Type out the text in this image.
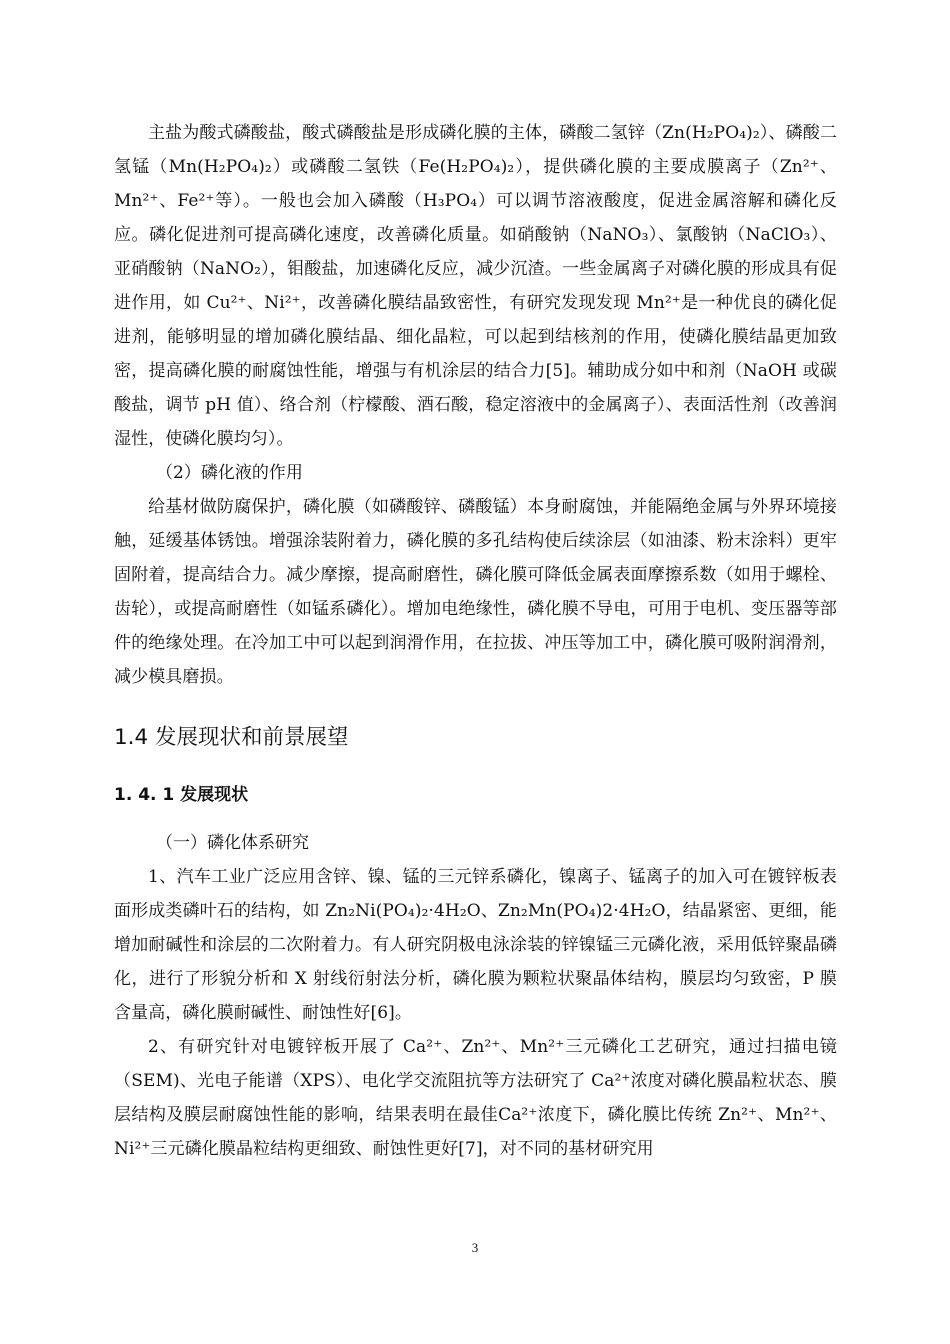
主盐为酸式磷酸盐，酸式磷酸盐是形成磷化膜的主体，磷酸二氢锌（Zn(H₂PO₄)₂）、磷酸二氢锰（Mn(H₂PO₄)₂）或磷酸二氢铁（Fe(H₂PO₄)₂），提供磷化膜的主要成膜离子（Zn²⁺、Mn²⁺、Fe²⁺等）。一般也会加入磷酸（H₃PO₄）可以调节溶液酸度，促进金属溶解和磷化反应。磷化促进剂可提高磷化速度，改善磷化质量。如硝酸钠（NaNO₃）、氯酸钠（NaClO₃）、亚硝酸钠（NaNO₂），钼酸盐，加速磷化反应，减少沉渣。一些金属离子对磷化膜的形成具有促进作用，如 Cu²⁺、Ni²⁺，改善磷化膜结晶致密性，有研究发现发现 Mn²⁺是一种优良的磷化促进剂，能够明显的增加磷化膜结晶、细化晶粒，可以起到结核剂的作用，使磷化膜结晶更加致密，提高磷化膜的耐腐蚀性能，增强与有机涂层的结合力[5]。辅助成分如中和剂（NaOH 或碳酸盐，调节 pH 值）、络合剂（柠檬酸、酒石酸，稳定溶液中的金属离子）、表面活性剂（改善润湿性，使磷化膜均匀）。

（2）磷化液的作用

给基材做防腐保护，磷化膜（如磷酸锌、磷酸锰）本身耐腐蚀，并能隔绝金属与外界环境接触，延缓基体锈蚀。增强涂装附着力，磷化膜的多孔结构使后续涂层（如油漆、粉末涂料）更牢固附着，提高结合力。减少摩擦，提高耐磨性，磷化膜可降低金属表面摩擦系数（如用于螺栓、齿轮），或提高耐磨性（如锰系磷化）。增加电绝缘性，磷化膜不导电，可用于电机、变压器等部件的绝缘处理。在冷加工中可以起到润滑作用，在拉拔、冲压等加工中，磷化膜可吸附润滑剂，减少模具磨损。

1.4 发展现状和前景展望
1. 4. 1 发展现状

（一）磷化体系研究

1、汽车工业广泛应用含锌、镍、锰的三元锌系磷化，镍离子、锰离子的加入可在镀锌板表面形成类磷叶石的结构，如 Zn₂Ni(PO₄)₂·4H₂O、Zn₂Mn(PO₄)2·4H₂O，结晶紧密、更细，能增加耐碱性和涂层的二次附着力。有人研究阴极电泳涂装的锌镍锰三元磷化液，采用低锌聚晶磷化，进行了形貌分析和 X 射线衍射法分析，磷化膜为颗粒状聚晶体结构，膜层均匀致密，P 膜含量高，磷化膜耐碱性、耐蚀性好[6]。

2、有研究针对电镀锌板开展了 Ca²⁺、Zn²⁺、Mn²⁺三元磷化工艺研究，通过扫描电镜（SEM)、光电子能谱（XPS）、电化学交流阻抗等方法研究了 Ca²⁺浓度对磷化膜晶粒状态、膜层结构及膜层耐腐蚀性能的影响，结果表明在最佳Ca²⁺浓度下，磷化膜比传统 Zn²⁺、Mn²⁺、Ni²⁺三元磷化膜晶粒结构更细致、耐蚀性更好[7]，对不同的基材研究用

3
